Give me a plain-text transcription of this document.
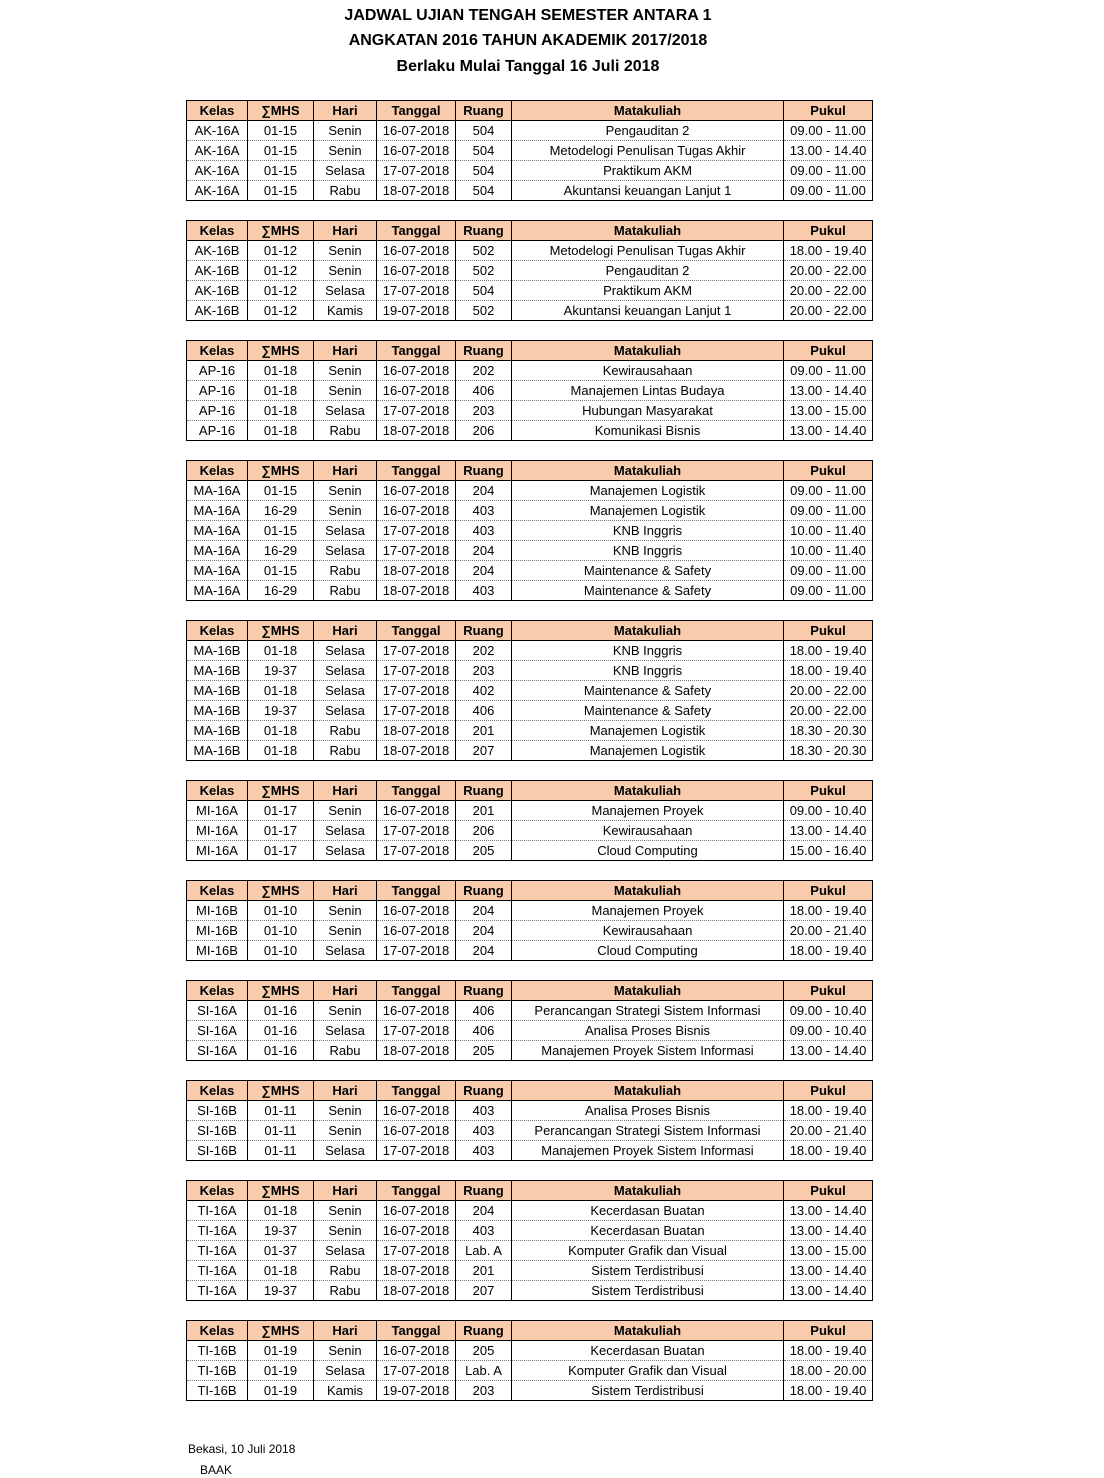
JADWAL UJIAN TENGAH SEMESTER ANTARA 1
ANGKATAN 2016 TAHUN AKADEMIK 2017/2018
Berlaku Mulai Tanggal 16 Juli 2018
Kelas	∑MHS	Hari	Tanggal	Ruang	Matakuliah	Pukul
AK-16A	01-15	Senin	16-07-2018	504	Pengauditan 2	09.00 - 11.00
AK-16A	01-15	Senin	16-07-2018	504	Metodelogi Penulisan Tugas Akhir	13.00 - 14.40
AK-16A	01-15	Selasa	17-07-2018	504	Praktikum AKM	09.00 - 11.00
AK-16A	01-15	Rabu	18-07-2018	504	Akuntansi keuangan Lanjut 1	09.00 - 11.00
Kelas	∑MHS	Hari	Tanggal	Ruang	Matakuliah	Pukul
AK-16B	01-12	Senin	16-07-2018	502	Metodelogi Penulisan Tugas Akhir	18.00 - 19.40
AK-16B	01-12	Senin	16-07-2018	502	Pengauditan 2	20.00 - 22.00
AK-16B	01-12	Selasa	17-07-2018	504	Praktikum AKM	20.00 - 22.00
AK-16B	01-12	Kamis	19-07-2018	502	Akuntansi keuangan Lanjut 1	20.00 - 22.00
Kelas	∑MHS	Hari	Tanggal	Ruang	Matakuliah	Pukul
AP-16	01-18	Senin	16-07-2018	202	Kewirausahaan	09.00 - 11.00
AP-16	01-18	Senin	16-07-2018	406	Manajemen Lintas Budaya	13.00 - 14.40
AP-16	01-18	Selasa	17-07-2018	203	Hubungan Masyarakat	13.00 - 15.00
AP-16	01-18	Rabu	18-07-2018	206	Komunikasi Bisnis	13.00 - 14.40
Kelas	∑MHS	Hari	Tanggal	Ruang	Matakuliah	Pukul
MA-16A	01-15	Senin	16-07-2018	204	Manajemen Logistik	09.00 - 11.00
MA-16A	16-29	Senin	16-07-2018	403	Manajemen Logistik	09.00 - 11.00
MA-16A	01-15	Selasa	17-07-2018	403	KNB Inggris	10.00 - 11.40
MA-16A	16-29	Selasa	17-07-2018	204	KNB Inggris	10.00 - 11.40
MA-16A	01-15	Rabu	18-07-2018	204	Maintenance & Safety	09.00 - 11.00
MA-16A	16-29	Rabu	18-07-2018	403	Maintenance & Safety	09.00 - 11.00
Kelas	∑MHS	Hari	Tanggal	Ruang	Matakuliah	Pukul
MA-16B	01-18	Selasa	17-07-2018	202	KNB Inggris	18.00 - 19.40
MA-16B	19-37	Selasa	17-07-2018	203	KNB Inggris	18.00 - 19.40
MA-16B	01-18	Selasa	17-07-2018	402	Maintenance & Safety	20.00 - 22.00
MA-16B	19-37	Selasa	17-07-2018	406	Maintenance & Safety	20.00 - 22.00
MA-16B	01-18	Rabu	18-07-2018	201	Manajemen Logistik	18.30 - 20.30
MA-16B	01-18	Rabu	18-07-2018	207	Manajemen Logistik	18.30 - 20.30
Kelas	∑MHS	Hari	Tanggal	Ruang	Matakuliah	Pukul
MI-16A	01-17	Senin	16-07-2018	201	Manajemen Proyek	09.00 - 10.40
MI-16A	01-17	Selasa	17-07-2018	206	Kewirausahaan	13.00 - 14.40
MI-16A	01-17	Selasa	17-07-2018	205	Cloud Computing	15.00 - 16.40
Kelas	∑MHS	Hari	Tanggal	Ruang	Matakuliah	Pukul
MI-16B	01-10	Senin	16-07-2018	204	Manajemen Proyek	18.00 - 19.40
MI-16B	01-10	Senin	16-07-2018	204	Kewirausahaan	20.00 - 21.40
MI-16B	01-10	Selasa	17-07-2018	204	Cloud Computing	18.00 - 19.40
Kelas	∑MHS	Hari	Tanggal	Ruang	Matakuliah	Pukul
SI-16A	01-16	Senin	16-07-2018	406	Perancangan Strategi Sistem Informasi	09.00 - 10.40
SI-16A	01-16	Selasa	17-07-2018	406	Analisa Proses Bisnis	09.00 - 10.40
SI-16A	01-16	Rabu	18-07-2018	205	Manajemen Proyek Sistem Informasi	13.00 - 14.40
Kelas	∑MHS	Hari	Tanggal	Ruang	Matakuliah	Pukul
SI-16B	01-11	Senin	16-07-2018	403	Analisa Proses Bisnis	18.00 - 19.40
SI-16B	01-11	Senin	16-07-2018	403	Perancangan Strategi Sistem Informasi	20.00 - 21.40
SI-16B	01-11	Selasa	17-07-2018	403	Manajemen Proyek Sistem Informasi	18.00 - 19.40
Kelas	∑MHS	Hari	Tanggal	Ruang	Matakuliah	Pukul
TI-16A	01-18	Senin	16-07-2018	204	Kecerdasan Buatan	13.00 - 14.40
TI-16A	19-37	Senin	16-07-2018	403	Kecerdasan Buatan	13.00 - 14.40
TI-16A	01-37	Selasa	17-07-2018	Lab. A	Komputer Grafik dan Visual	13.00 - 15.00
TI-16A	01-18	Rabu	18-07-2018	201	Sistem Terdistribusi	13.00 - 14.40
TI-16A	19-37	Rabu	18-07-2018	207	Sistem Terdistribusi	13.00 - 14.40
Kelas	∑MHS	Hari	Tanggal	Ruang	Matakuliah	Pukul
TI-16B	01-19	Senin	16-07-2018	205	Kecerdasan Buatan	18.00 - 19.40
TI-16B	01-19	Selasa	17-07-2018	Lab. A	Komputer Grafik dan Visual	18.00 - 20.00
TI-16B	01-19	Kamis	19-07-2018	203	Sistem Terdistribusi	18.00 - 19.40
Bekasi, 10 Juli 2018
BAAK
